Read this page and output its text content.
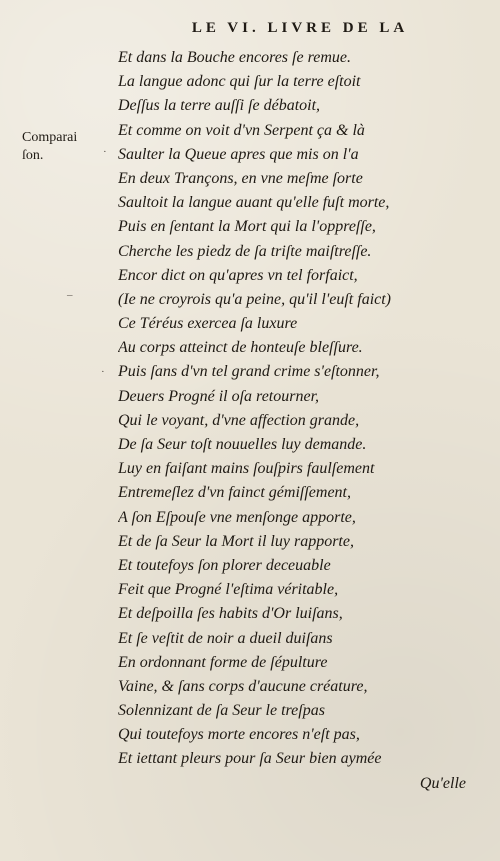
LE VI. LIVRE DE LA
Comparai
ſon.
Et dans la Bouche encores ſe remue.
La langue adonc qui ſur la terre eſtoit
Deſſus la terre auſſi ſe débatoit,
Et comme on voit d'vn Serpent ça & là
Saulter la Queue apres que mis on l'a
En deux Trançons, en vne meſme ſorte
Saultoit la langue auant qu'elle fuſt morte,
Puis en ſentant la Mort qui la l'oppreſſe,
Cherche les piedz de ſa triſte maiſtreſſe.
Encor dict on qu'apres vn tel forfaict,
(Ie ne croyrois qu'a peine, qu'il l'euſt faict)
Ce Téréus exercea ſa luxure
Au corps atteinct de honteuſe bleſſure.
Puis ſans d'vn tel grand crime s'eſtonner,
Deuers Progné il oſa retourner,
Qui le voyant, d'vne affection grande,
De ſa Seur toſt nouuelles luy demande.
Luy en faiſant mains ſouſpirs faulſement
Entremeſlez d'vn fainct gémiſſement,
A ſon Eſpouſe vne menſonge apporte,
Et de ſa Seur la Mort il luy rapporte,
Et toutefoys ſon plorer deceuable
Feit que Progné l'eſtima véritable,
Et deſpoilla ſes habits d'Or luiſans,
Et ſe veſtit de noir a dueil duiſans
En ordonnant forme de ſépulture
Vaine, & ſans corps d'aucune créature,
Solennizant de ſa Seur le treſpas
Qui toutefoys morte encores n'eſt pas,
Et iettant pleurs pour ſa Seur bien aymée
Qu'elle
–
·
·
